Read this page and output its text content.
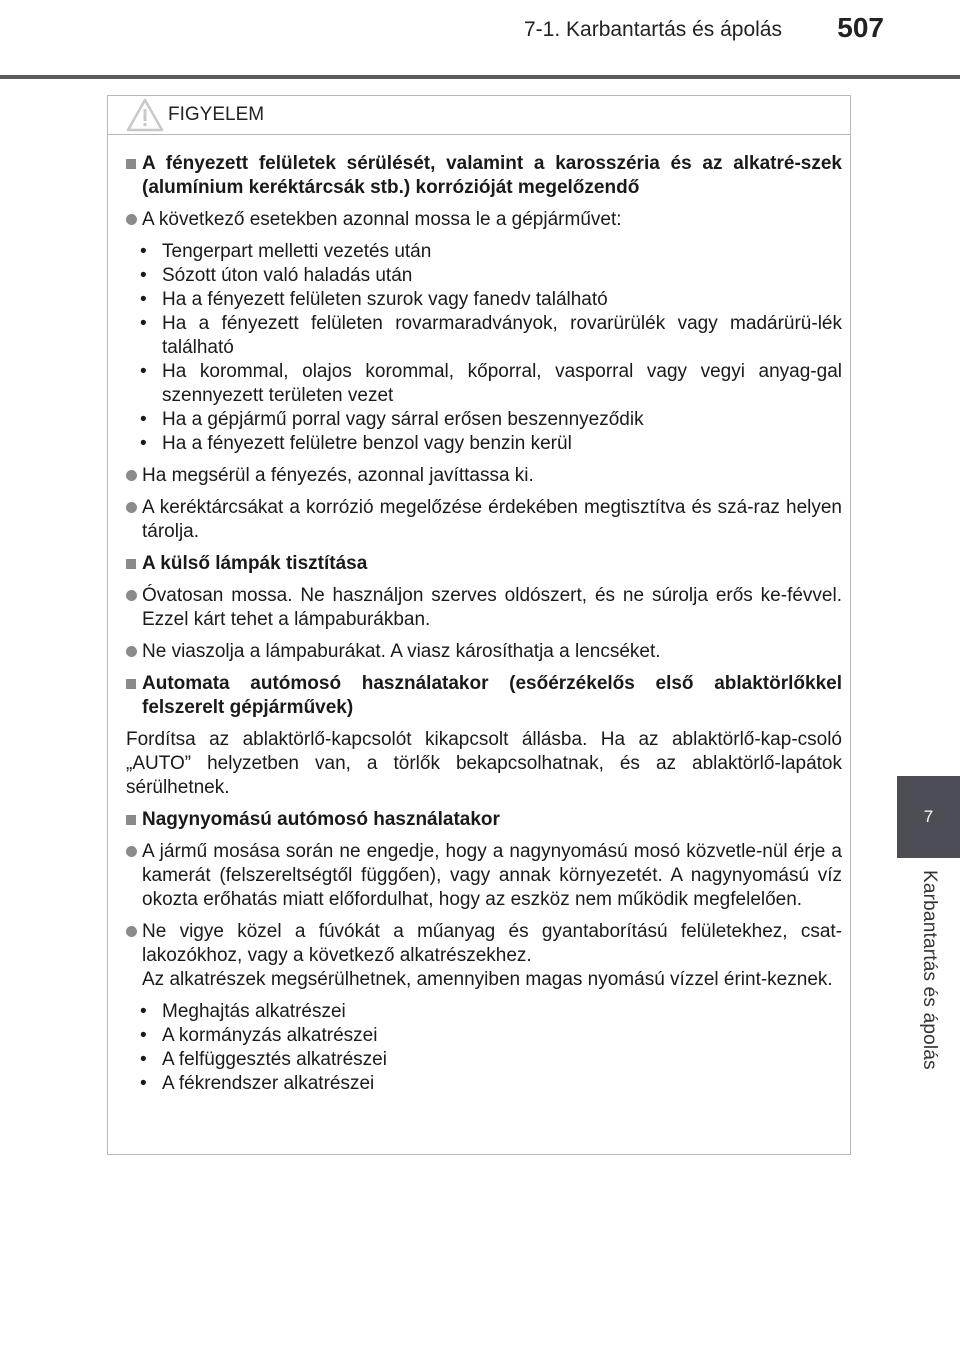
7-1. Karbantartás és ápolás 507
7
Karbantartás és ápolás
FIGYELEM
A fényezett felületek sérülését, valamint a karosszéria és az alkatré-szek (alumínium keréktárcsák stb.) korrózióját megelőzendő
A következő esetekben azonnal mossa le a gépjárművet:
• Tengerpart melletti vezetés után
• Sózott úton való haladás után
• Ha a fényezett felületen szurok vagy fanedv található
• Ha a fényezett felületen rovarmaradványok, rovarürülék vagy madárürü-lék található
• Ha korommal, olajos korommal, kőporral, vasporral vagy vegyi anyag-gal szennyezett területen vezet
• Ha a gépjármű porral vagy sárral erősen beszennyeződik
• Ha a fényezett felületre benzol vagy benzin kerül
Ha megsérül a fényezés, azonnal javíttassa ki.
A keréktárcsákat a korrózió megelőzése érdekében megtisztítva és szá-raz helyen tárolja.
A külső lámpák tisztítása
Óvatosan mossa. Ne használjon szerves oldószert, és ne súrolja erős ke-févvel. Ezzel kárt tehet a lámpaburákban.
Ne viaszolja a lámpaburákat. A viasz károsíthatja a lencséket.
Automata autómosó használatakor (esőérzékelős első ablaktörlőkkel felszerelt gépjárművek)
Fordítsa az ablaktörlő-kapcsolót kikapcsolt állásba. Ha az ablaktörlő-kap-csoló „AUTO” helyzetben van, a törlők bekapcsolhatnak, és az ablaktörlő-lapátok sérülhetnek.
Nagynyomású autómosó használatakor
A jármű mosása során ne engedje, hogy a nagynyomású mosó közvetle-nül érje a kamerát (felszereltségtől függően), vagy annak környezetét. A nagynyomású víz okozta erőhatás miatt előfordulhat, hogy az eszköz nem működik megfelelően.
Ne vigye közel a fúvókát a műanyag és gyantaborítású felületekhez, csat-lakozókhoz, vagy a következő alkatrészekhez.
Az alkatrészek megsérülhetnek, amennyiben magas nyomású vízzel érint-keznek.
• Meghajtás alkatrészei
• A kormányzás alkatrészei
• A felfüggesztés alkatrészei
• A fékrendszer alkatrészei
